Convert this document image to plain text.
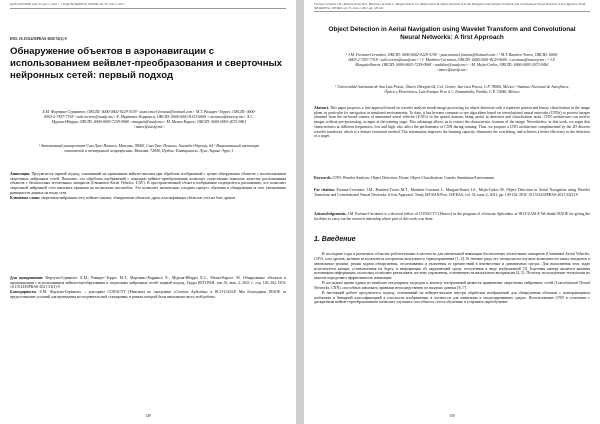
Труды ИСП РАН, том 33, вып. 2, 2021 г. // Trudy ISP RAN/Proc. ISP RAS, vol. 33, issue 2, 2021
DOI: 10.15514/ISPRAS-2020-33(2)-9
Обнаружение объектов в аэронавигации с использованием вейвлет-преобразования и сверточных нейронных сетей: первый подход
Х.М. Фортуна-Сервантес, ORCID: 0000-0002-9229-3159 <juan.rmcel.fortuna@hotmail.com> М.Т. Рамирес-Торрес, ORCID: 0000-0003-2-7457-7318 <rtdo.torresc@uaslp.mx> Х. Мартинес-Карранса, ORCID: 0000-0001-8123-0000 <carranza@inaoep.mx> Х.С. Мургия-Ибарра, ORCID: 0000-0003-7239-0968 <murguia@uaslp.mx> М. Мехиа-Карлос, ORCID: 0000-0003-2072-9461 <mmcc@uaslp.mx>
¹ Автономный университет Сан-Луис-Потоси, Мексика, 78000, Сан-Луис-Потоси, Аламеда Обрегон, 64 ² Национальный институт оптической и электронной астрофизики, Мексика, 72840, Пуэбла, Тонанцинтла, Луис Энрике Эрро, 1
Аннотация. Предлагается первый подход, основанный на применении вейвлет-анализа при обработке изображений с целью обнаружения объектов с использованием сверточных нейронных сетей. Показано, что обработка изображений с помощью вейвлет-преобразования позволяет существенно повысить качество распознавания объектов с беспилотных летательных аппаратов (Unmanned Aerial Vehicles, UAV). В пространственной области изображение подвергается разложению, что позволяет сверточной нейронной сети извлекать признаки на нескольких масштабах. Это позволяет значительно ускорить процесс обучения и обнаружения за счет уменьшения размерности данных на входе сети.
Ключевые слова: сверточная нейронная сеть; вейвлет-анализ; обнаружение объектов; дрон; классификация объектов; сеть на базе дронов
Для цитирования: Фортуна-Сервантес Х.М., Рамирес-Торрес М.Т., Мартинес-Карранса Х., Мургия-Ибарра Х.С., Мехиа-Карлос М. Обнаружение объектов в аэронавигации с использованием вейвлет-преобразования и сверточных нейронных сетей: первый подход. Труды ИСП РАН, том 33, вып. 2, 2021 г., стр. 149–162. DOI: 10.15514/ISPRAS-2021-33(2)-9
Благодарности. Х.М. Фортуна-Сервантес – докторант CONACYT (Мексика) по программе «Ciencias Aplicadas» в IICO-UASLP. Мы благодарим INAOE за предоставление условий для проведения исследовательской стажировки, в рамках которой была выполнена часть этой работы.
149
Fortuna-Cervantes J.M., Ramírez-Torres M.T., Martínez-Carranza J., Murguía-Ibarra J.S., Mejía-Carlos M. Object Detection in Aerial Navigation using Wavelet Transform and Convolutional Neural Networks: A first Approach. Trudy ISP RAN/Proc. ISP RAS, vol. 33, issue 2, 2021, pp. 149-162
Object Detection in Aerial Navigation using Wavelet Transform and Convolutional Neural Networks: A first Approach
¹ J.M. Fortuna-Cervantes, ORCID: 0000-0002-9229-3159 <juan.manuel.fortuna@hotmail.com> ² M.T. Ramírez-Torres, ORCID: 0000-0003-2-7457-7318 <tulio.torres@uaslp.mx> ³ J. Martínez-Carranza, ORCID: 0000-0001-8123-0000 <carranza@inaoep.mx> ¹ J.S. Murguía-Ibarra, ORCID: 0000-0003-7239-0968 <ondeleto@uaslp.mx> ¹ M. Mejía-Carlos, ORCID: 0000-0003-2072-9461 <mmcc@uaslp.mx>
¹ Universidad Autónoma de San Luis Potosí, Álvaro Obregón 64, Col. Centro, San Luis Potosí, C.P. 78000, México ² Instituto Nacional de Astrofísica, Óptica y Electrónica, Luis Enrique Erro # 1, Tonantzintla, Puebla, C.P. 72840, México
Abstract. This paper proposes a first approach based on wavelet analysis inside image processing for object detection with a repetitive pattern and binary classification in the image plane, in particular for navigation in simulated environments. To date, it has become common to use algorithms based on convolutional neural networks (CNNs) to process images obtained from the on-board camera of unmanned aerial vehicles (UAVs) in the spatial domain, being useful in detection and classification tasks. CNN architecture can receive images without pre-processing, as input in the training stage. This advantage allows us to extract the characteristic features of the image. Nevertheless, in this work, we argue that characteristics at different frequencies, low and high, also affect the performance of CNN during training. Thus, we propose a CNN architecture complemented by the 2D discrete wavelet transform, which is a feature extraction method. The information improves the learning capacity, eliminates the overfitting, and achieves a better efficiency in the detection of a target.
Keywords: CNN; Wavelet Analysis; Object Detection; Drone; Object Classification; Gazebo Simulation Environment
For citation: Fortuna-Cervantes J.M., Ramírez-Torres M.T., Martínez-Carranza J., Murguía-Ibarra J.S., Mejía-Carlos M. Object Detection in Aerial Navigation using Wavelet Transform and Convolutional Neural Networks: A first Approach. Trudy ISP RAN/Proc. ISP RAS, vol. 33, issue 2, 2021, pp. 149-162. DOI: 10.15514/ISPRAS-2021-33(2)-9
Acknowledgements. J.M. Fortuna-Cervantes is a doctoral fellow of CONACYT (Mexico) in the program of «Ciencias Aplicadas» at IICO-UASLP. We thank INAOE for giving the facilities to carry out the research internship where part of this work was done.
1. Введение

В последние годы в различных областях робототехники в частности для автономной навигации беспилотных летательных аппаратов (Unmanned Aerial Vehicles, UAV), или дронов, активно используются алгоритмы визуального сервоуправления [1, 2]. В течение ряда лет специалисты изучали возможности таких аппаратов в автономном режиме, решая задачи обнаружения, отслеживания и уклонения от препятствий в неизвестных и динамичных средах. Для выполнения этих задач используется камера, установленная на борту, и информация об окружающей среде, полученная в виде изображений [3]. Бортовая камера является важным источником информации, поскольку позволяет реализовать систему управления, основанную на визуальном восприятии [4, 5]. Поэтому используемые технологии во многом определяют эффективность навигации.

В последнее время одним из наиболее популярных подходов к анализу изображений является применение сверточных нейронных сетей (Convolutional Neural Networks, CNN), способных извлекать признаки непосредственно из входных данных [6, 7].

В настоящей работе предлагается подход, основанный на вейвлет-анализе внутри обработки изображений для обнаружения объектов с повторяющимся шаблоном и бинарной классификацией в плоскости изображения, в частности для навигации в смоделированных средах. Использование CNN в сочетании с дискретным вейвлет-преобразованием позволяет улучшить способность сети к обучению и устранить переобучение.

150
